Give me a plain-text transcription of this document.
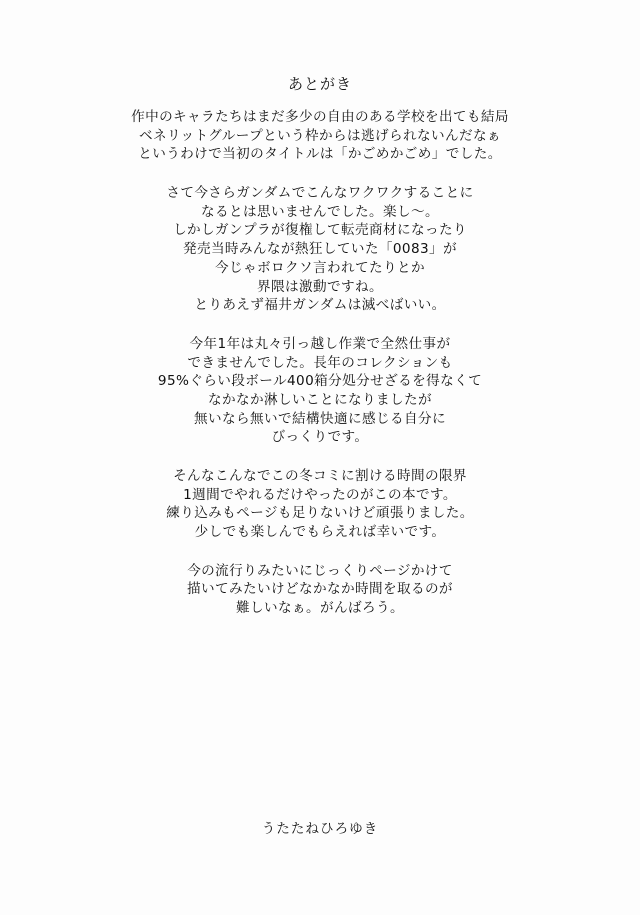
あとがき
作中のキャラたちはまだ多少の自由のある学校を出ても結局
ベネリットグループという枠からは逃げられないんだなぁ
というわけで当初のタイトルは「かごめかごめ」でした。
さて今さらガンダムでこんなワクワクすることに
なるとは思いませんでした。楽し〜。
しかしガンプラが復権して転売商材になったり
発売当時みんなが熱狂していた「0083」が
今じゃボロクソ言われてたりとか
界隈は激動ですね。
とりあえず福井ガンダムは滅べばいい。
今年1年は丸々引っ越し作業で全然仕事が
できませんでした。長年のコレクションも
95%ぐらい段ボール400箱分処分せざるを得なくて
なかなか淋しいことになりましたが
無いなら無いで結構快適に感じる自分に
びっくりです。
そんなこんなでこの冬コミに割ける時間の限界
1週間でやれるだけやったのがこの本です。
練り込みもページも足りないけど頑張りました。
少しでも楽しんでもらえれば幸いです。
今の流行りみたいにじっくりページかけて
描いてみたいけどなかなか時間を取るのが
難しいなぁ。がんばろう。
うたたねひろゆき
